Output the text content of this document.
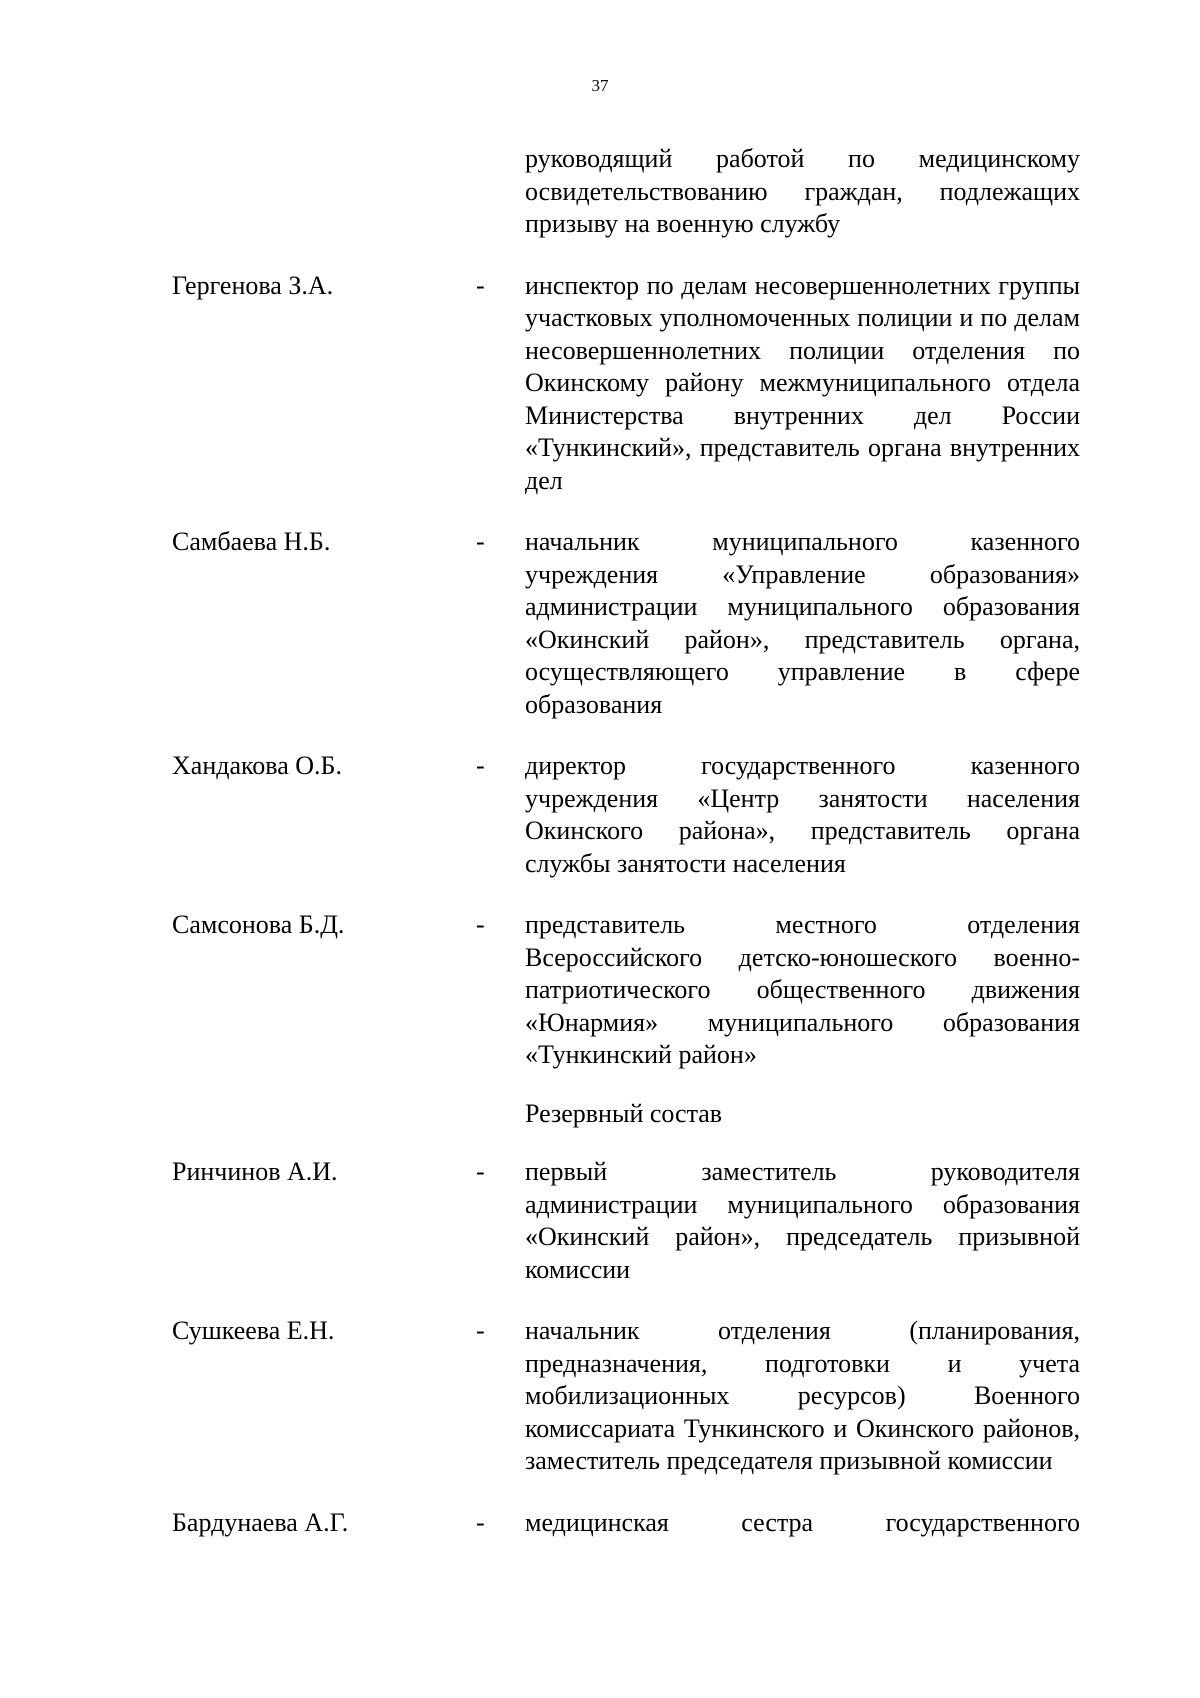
37
руководящий работой по медицинскому освидетельствованию граждан, подлежащих призыву на военную службу
Гергенова З.А.	- инспектор по делам несовершеннолетних группы участковых уполномоченных полиции и по делам несовершеннолетних полиции отделения по Окинскому району межмуниципального отдела Министерства внутренних дел России «Тункинский», представитель органа внутренних дел
Самбаева Н.Б.	- начальник муниципального казенного учреждения «Управление образования» администрации муниципального образования «Окинский район», представитель органа, осуществляющего управление в сфере образования
Хандакова О.Б.	- директор государственного казенного учреждения «Центр занятости населения Окинского района», представитель органа службы занятости населения
Самсонова Б.Д.	- представитель местного отделения Всероссийского детско-юношеского военно-патриотического общественного движения «Юнармия» муниципального образования «Тункинский район»
Резервный состав
Ринчинов А.И.	- первый заместитель руководителя администрации муниципального образования «Окинский район», председатель призывной комиссии
Сушкеева Е.Н.	- начальник отделения (планирования, предназначения, подготовки и учета мобилизационных ресурсов) Военного комиссариата Тункинского и Окинского районов, заместитель председателя призывной комиссии
Бардунаева А.Г.	- медицинская сестра государственного
